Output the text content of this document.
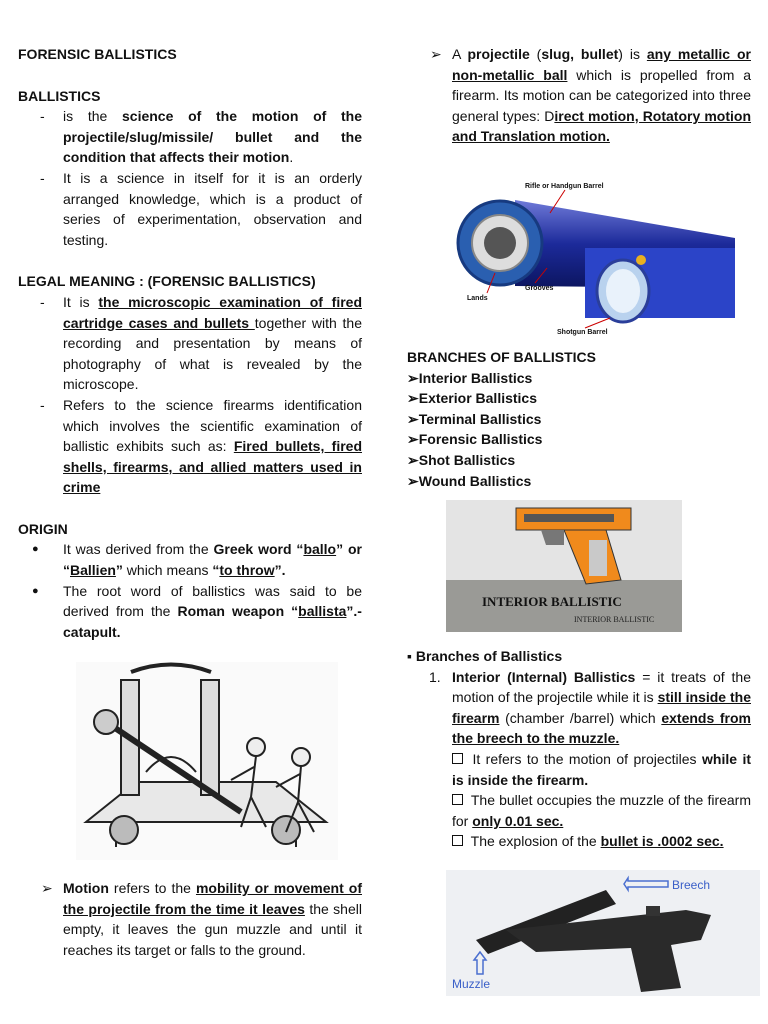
FORENSIC BALLISTICS

BALLISTICS

- is the science of the motion of the projectile/slug/missile/ bullet and the condition that affects their motion.
- It is a science in itself for it is an orderly arranged knowledge, which is a product of series of experimentation, observation and testing.

LEGAL MEANING : (FORENSIC BALLISTICS)

- It is the microscopic examination of fired cartridge cases and bullets together with the recording and presentation by means of photography of what is revealed by the microscope.
- Refers to the science firearms identification which involves the scientific examination of ballistic exhibits such as: Fired bullets, fired shells, firearms, and allied matters used in crime

ORIGIN

● It was derived from the Greek word “ballo” or “Ballien” which means “to throw”.
● The root word of ballistics was said to be derived from the Roman weapon “ballista”.- catapult.

➢ Motion refers to the mobility or movement of the projectile from the time it leaves the shell empty, it leaves the gun muzzle and until it reaches its target or falls to the ground.

➢ A projectile (slug, bullet) is any metallic or non-metallic ball which is propelled from a firearm. Its motion can be categorized into three general types: Direct motion, Rotatory motion and Translation motion.

Rifle or Handgun Barrel
Grooves
Lands
Shotgun Barrel

BRANCHES OF BALLISTICS

➢Interior Ballistics

➢Exterior Ballistics

➢Terminal Ballistics

➢Forensic Ballistics

➢Shot Ballistics

➢Wound Ballistics

INTERIOR BALLISTIC
INTERIOR BALLISTIC

▪ Branches of Ballistics

1. Interior (Internal) Ballistics = it treats of the motion of the projectile while it is still inside the firearm (chamber /barrel) which extends from the breech to the muzzle.
It refers to the motion of projectiles while it is inside the firearm.
The bullet occupies the muzzle of the firearm for only 0.01 sec.
The explosion of the bullet is .0002 sec.
Breech
Muzzle
